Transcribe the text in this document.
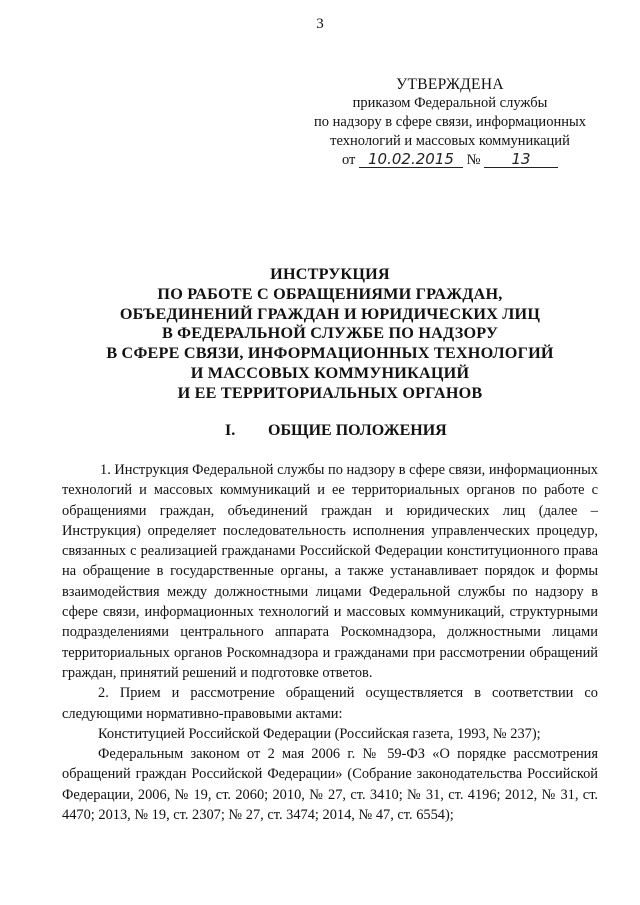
3
УТВЕРЖДЕНА
приказом Федеральной службы
по надзору в сфере связи, информационных
технологий и массовых коммуникаций
от 10.02.2015 № 13
ИНСТРУКЦИЯ
ПО РАБОТЕ С ОБРАЩЕНИЯМИ ГРАЖДАН,
ОБЪЕДИНЕНИЙ ГРАЖДАН И ЮРИДИЧЕСКИХ ЛИЦ
В ФЕДЕРАЛЬНОЙ СЛУЖБЕ ПО НАДЗОРУ
В СФЕРЕ СВЯЗИ, ИНФОРМАЦИОННЫХ ТЕХНОЛОГИЙ
И МАССОВЫХ КОММУНИКАЦИЙ
И ЕЕ ТЕРРИТОРИАЛЬНЫХ ОРГАНОВ
I. ОБЩИЕ ПОЛОЖЕНИЯ

1. Инструкция Федеральной службы по надзору в сфере связи, информационных технологий и массовых коммуникаций и ее территориальных органов по работе с обращениями граждан, объединений граждан и юридических лиц (далее – Инструкция) определяет последовательность исполнения управленческих процедур, связанных с реализацией гражданами Российской Федерации конституционного права на обращение в государственные органы, а также устанавливает порядок и формы взаимодействия между должностными лицами Федеральной службы по надзору в сфере связи, информационных технологий и массовых коммуникаций, структурными подразделениями центрального аппарата Роскомнадзора, должностными лицами территориальных органов Роскомнадзора и гражданами при рассмотрении обращений граждан, принятий решений и подготовке ответов.

2. Прием и рассмотрение обращений осуществляется в соответствии со следующими нормативно-правовыми актами:

Конституцией Российской Федерации (Российская газета, 1993, № 237);

Федеральным законом от 2 мая 2006 г. № 59-ФЗ «О порядке рассмотрения обращений граждан Российской Федерации» (Собрание законодательства Российской Федерации, 2006, № 19, ст. 2060; 2010, № 27, ст. 3410; № 31, ст. 4196; 2012, № 31, ст. 4470; 2013, № 19, ст. 2307; № 27, ст. 3474; 2014, № 47, ст. 6554);
